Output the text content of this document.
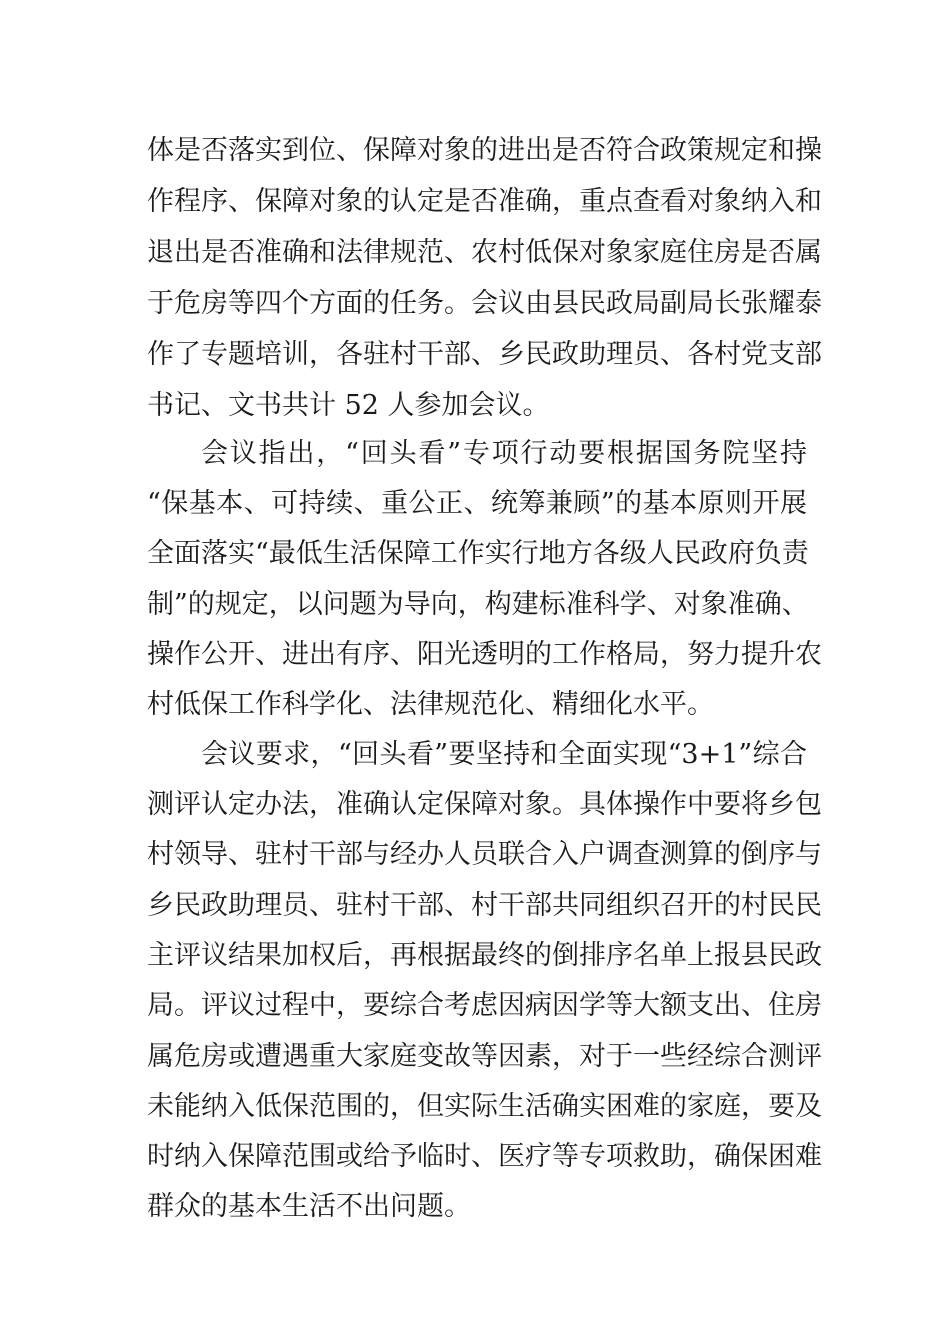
体是否落实到位、保障对象的进出是否符合政策规定和操
作程序、保障对象的认定是否准确，重点查看对象纳入和
退出是否准确和法律规范、农村低保对象家庭住房是否属
于危房等四个方面的任务。会议由县民政局副局长张耀泰
作了专题培训，各驻村干部、乡民政助理员、各村党支部
书记、文书共计 52 人参加会议。
会议指出，“回头看”专项行动要根据国务院坚持
“保基本、可持续、重公正、统筹兼顾”的基本原则开展
全面落实“最低生活保障工作实行地方各级人民政府负责
制”的规定，以问题为导向，构建标准科学、对象准确、
操作公开、进出有序、阳光透明的工作格局，努力提升农
村低保工作科学化、法律规范化、精细化水平。
会议要求，“回头看”要坚持和全面实现“3+1”综合
测评认定办法，准确认定保障对象。具体操作中要将乡包
村领导、驻村干部与经办人员联合入户调查测算的倒序与
乡民政助理员、驻村干部、村干部共同组织召开的村民民
主评议结果加权后，再根据最终的倒排序名单上报县民政
局。评议过程中，要综合考虑因病因学等大额支出、住房
属危房或遭遇重大家庭变故等因素，对于一些经综合测评
未能纳入低保范围的，但实际生活确实困难的家庭，要及
时纳入保障范围或给予临时、医疗等专项救助，确保困难
群众的基本生活不出问题。
